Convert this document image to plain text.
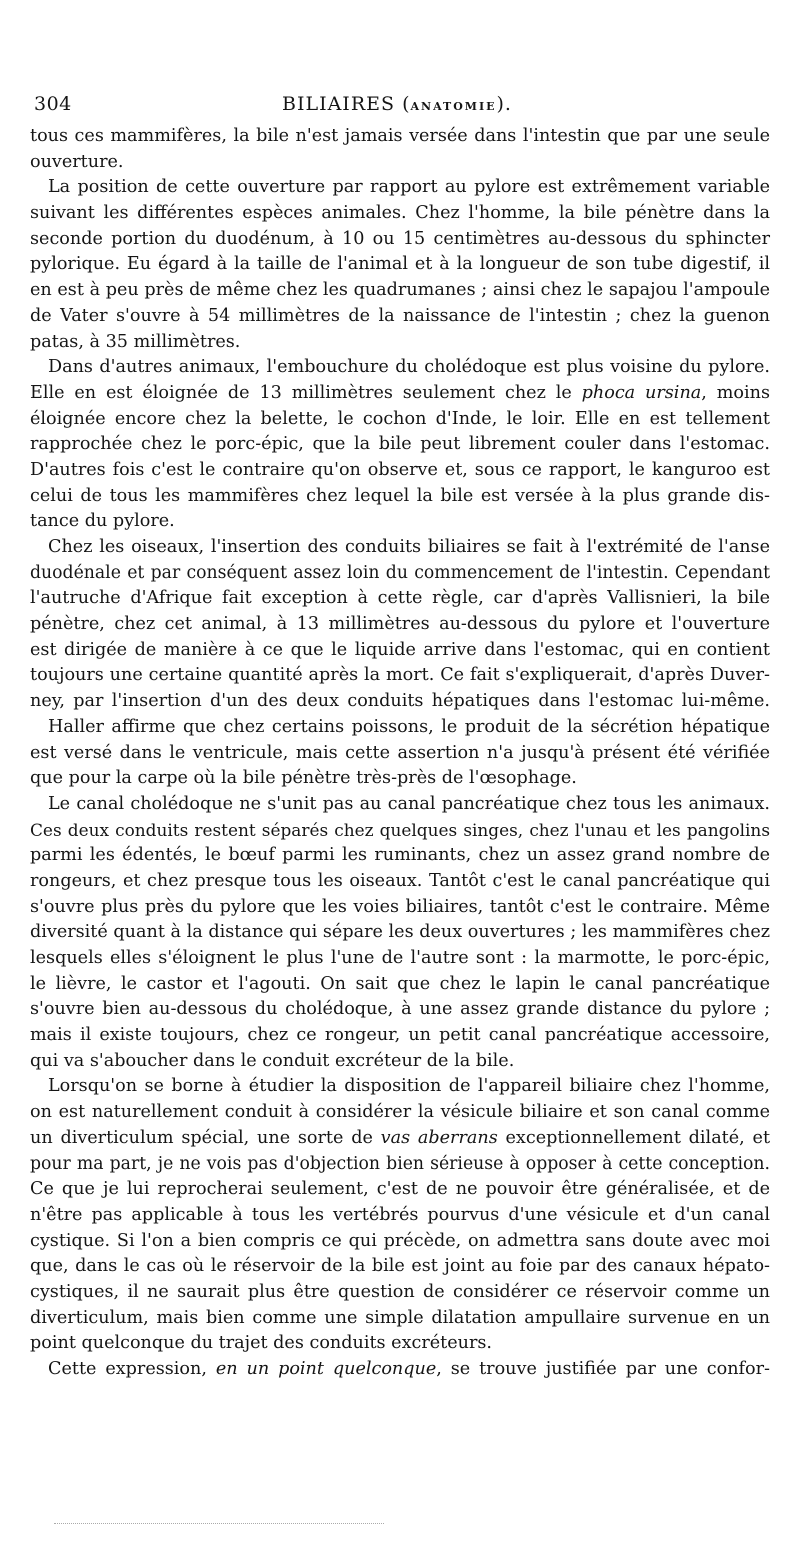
304	BILIAIRES (ANATOMIE).
tous ces mammifères, la bile n'est jamais versée dans l'intestin que par une seule
ouverture.
La position de cette ouverture par rapport au pylore est extrêmement variable
suivant les différentes espèces animales. Chez l'homme, la bile pénètre dans la
seconde portion du duodénum, à 10 ou 15 centimètres au-dessous du sphincter
pylorique. Eu égard à la taille de l'animal et à la longueur de son tube digestif, il
en est à peu près de même chez les quadrumanes ; ainsi chez le sapajou l'ampoule
de Vater s'ouvre à 54 millimètres de la naissance de l'intestin ; chez la guenon
patas, à 35 millimètres.
Dans d'autres animaux, l'embouchure du cholédoque est plus voisine du pylore.
Elle en est éloignée de 13 millimètres seulement chez le phoca ursina, moins
éloignée encore chez la belette, le cochon d'Inde, le loir. Elle en est tellement
rapprochée chez le porc-épic, que la bile peut librement couler dans l'estomac.
D'autres fois c'est le contraire qu'on observe et, sous ce rapport, le kanguroo est
celui de tous les mammifères chez lequel la bile est versée à la plus grande dis-
tance du pylore.
Chez les oiseaux, l'insertion des conduits biliaires se fait à l'extrémité de l'anse
duodénale et par conséquent assez loin du commencement de l'intestin. Cependant
l'autruche d'Afrique fait exception à cette règle, car d'après Vallisnieri, la bile
pénètre, chez cet animal, à 13 millimètres au-dessous du pylore et l'ouverture
est dirigée de manière à ce que le liquide arrive dans l'estomac, qui en contient
toujours une certaine quantité après la mort. Ce fait s'expliquerait, d'après Duver-
ney, par l'insertion d'un des deux conduits hépatiques dans l'estomac lui-même.
Haller affirme que chez certains poissons, le produit de la sécrétion hépatique
est versé dans le ventricule, mais cette assertion n'a jusqu'à présent été vérifiée
que pour la carpe où la bile pénètre très-près de l'œsophage.
Le canal cholédoque ne s'unit pas au canal pancréatique chez tous les animaux.
Ces deux conduits restent séparés chez quelques singes, chez l'unau et les pangolins
parmi les édentés, le bœuf parmi les ruminants, chez un assez grand nombre de
rongeurs, et chez presque tous les oiseaux. Tantôt c'est le canal pancréatique qui
s'ouvre plus près du pylore que les voies biliaires, tantôt c'est le contraire. Même
diversité quant à la distance qui sépare les deux ouvertures ; les mammifères chez
lesquels elles s'éloignent le plus l'une de l'autre sont : la marmotte, le porc-épic,
le lièvre, le castor et l'agouti. On sait que chez le lapin le canal pancréatique
s'ouvre bien au-dessous du cholédoque, à une assez grande distance du pylore ;
mais il existe toujours, chez ce rongeur, un petit canal pancréatique accessoire,
qui va s'aboucher dans le conduit excréteur de la bile.
Lorsqu'on se borne à étudier la disposition de l'appareil biliaire chez l'homme,
on est naturellement conduit à considérer la vésicule biliaire et son canal comme
un diverticulum spécial, une sorte de vas aberrans exceptionnellement dilaté, et
pour ma part, je ne vois pas d'objection bien sérieuse à opposer à cette conception.
Ce que je lui reprocherai seulement, c'est de ne pouvoir être généralisée, et de
n'être pas applicable à tous les vertébrés pourvus d'une vésicule et d'un canal
cystique. Si l'on a bien compris ce qui précède, on admettra sans doute avec moi
que, dans le cas où le réservoir de la bile est joint au foie par des canaux hépato-
cystiques, il ne saurait plus être question de considérer ce réservoir comme un
diverticulum, mais bien comme une simple dilatation ampullaire survenue en un
point quelconque du trajet des conduits excréteurs.
Cette expression, en un point quelconque, se trouve justifiée par une confor-
